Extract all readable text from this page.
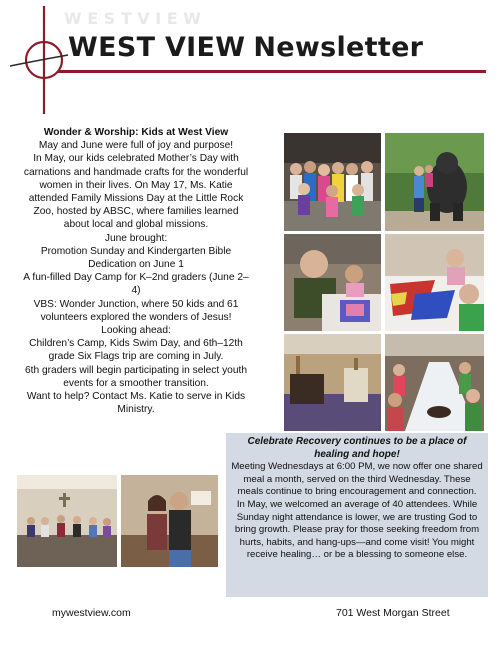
W E S T V I E W
WEST VIEW Newsletter

Wonder & Worship: Kids at West View

May and June were full of joy and purpose!

In May, our kids celebrated Mother’s Day with carnations and handmade crafts for the wonderful women in their lives. On May 17, Ms. Katie attended Family Missions Day at the Little Rock Zoo, hosted by ABSC, where families learned about local and global missions.

June brought:

Promotion Sunday and Kindergarten Bible Dedication on June 1

A fun-filled Day Camp for K–2nd graders (June 2–4)

VBS: Wonder Junction, where 50 kids and 61 volunteers explored the wonders of Jesus!

Looking ahead:

Children’s Camp, Kids Swim Day, and 6th–12th grade Six Flags trip are coming in July.

6th graders will begin participating in select youth events for a smoother transition.

Want to help? Contact Ms. Katie to serve in Kids Ministry.

Celebrate Recovery continues to be a place of healing and hope!

Meeting Wednesdays at 6:00 PM, we now offer one shared meal a month, served on the third Wednesday. These meals continue to bring encouragement and connection.

In May, we welcomed an average of 40 attendees. While Sunday night attendance is lower, we are trusting God to bring growth. Please pray for those seeking freedom from hurts, habits, and hang-ups—and come visit! You might receive healing… or be a blessing to someone else.

mywestview.com	701 West Morgan Street
